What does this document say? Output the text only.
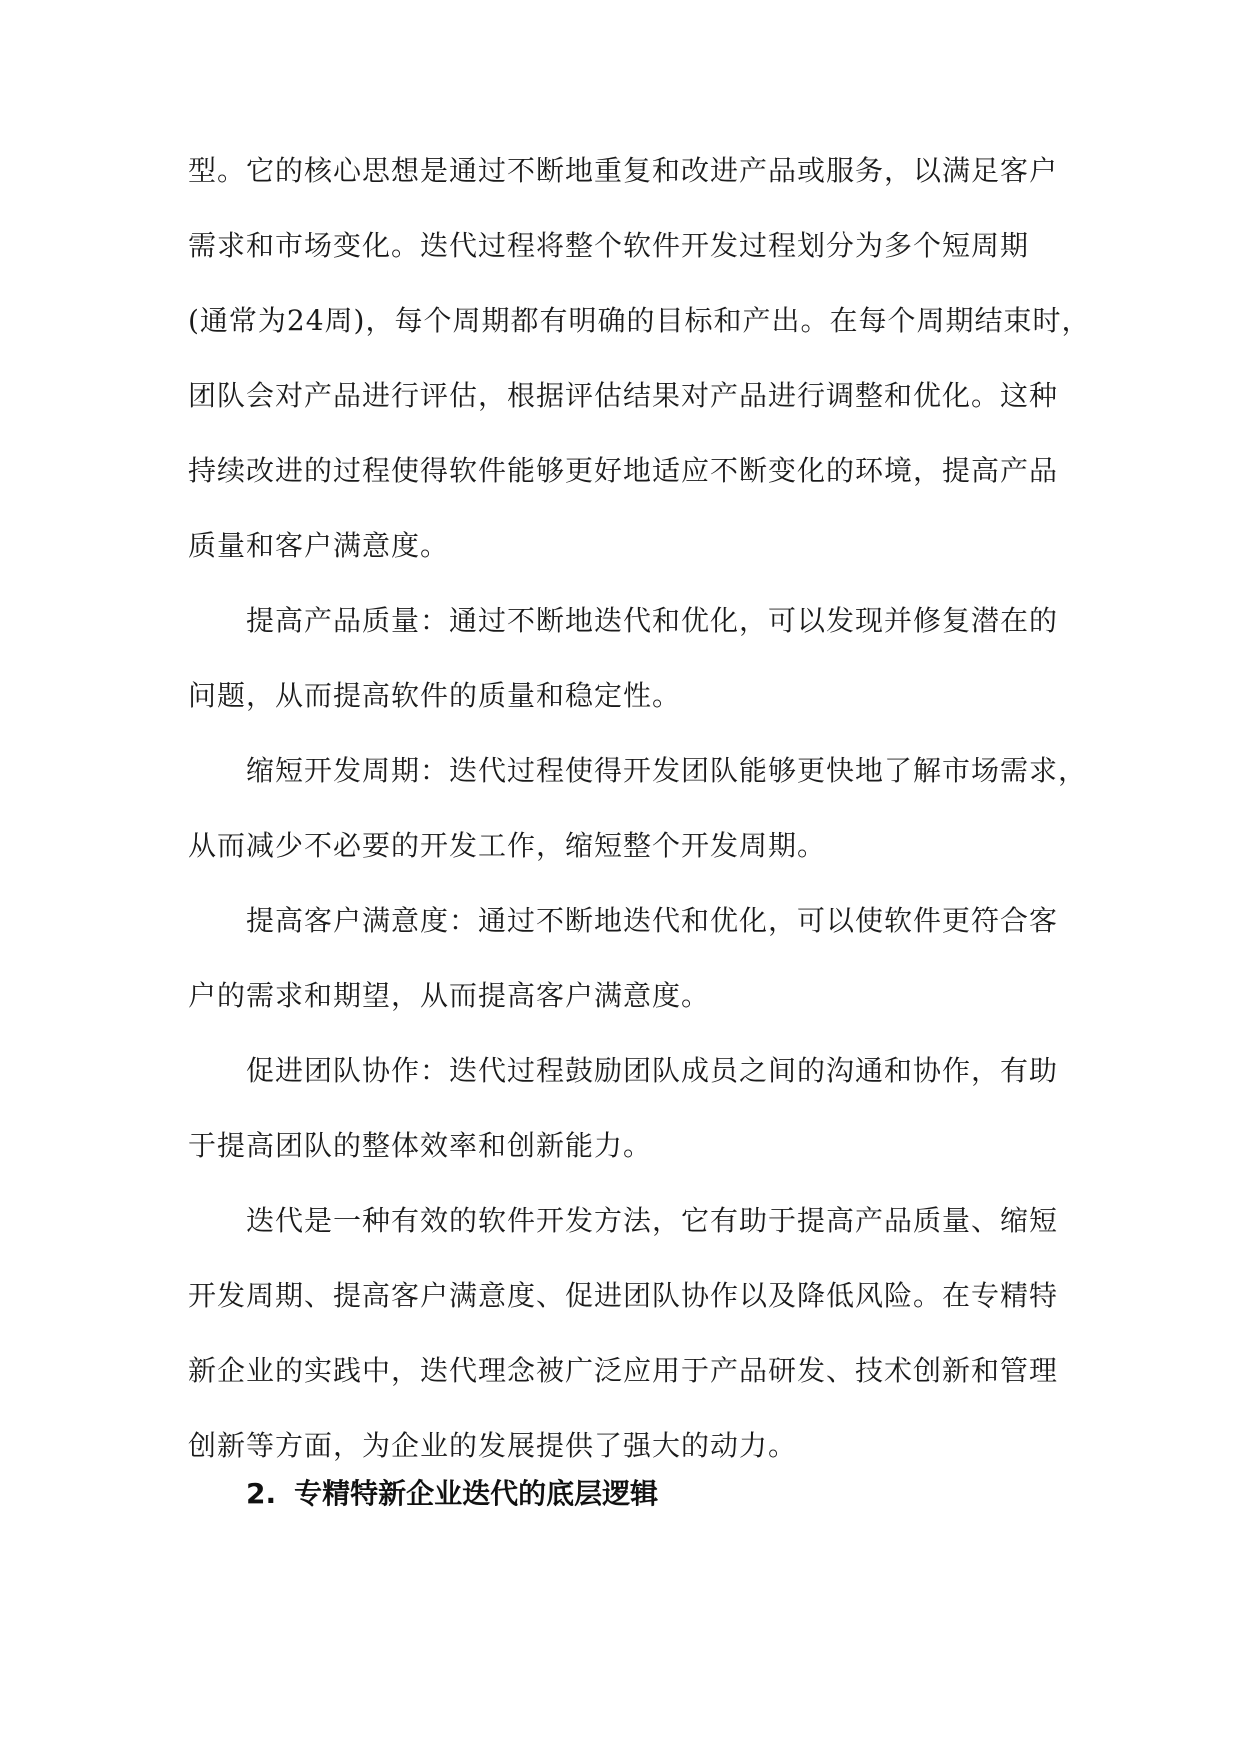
型。它的核心思想是通过不断地重复和改进产品或服务，以满足客户
需求和市场变化。迭代过程将整个软件开发过程划分为多个短周期
(通常为24周)，每个周期都有明确的目标和产出。在每个周期结束时，
团队会对产品进行评估，根据评估结果对产品进行调整和优化。这种
持续改进的过程使得软件能够更好地适应不断变化的环境，提高产品
质量和客户满意度。
提高产品质量：通过不断地迭代和优化，可以发现并修复潜在的
问题，从而提高软件的质量和稳定性。
缩短开发周期：迭代过程使得开发团队能够更快地了解市场需求，
从而减少不必要的开发工作，缩短整个开发周期。
提高客户满意度：通过不断地迭代和优化，可以使软件更符合客
户的需求和期望，从而提高客户满意度。
促进团队协作：迭代过程鼓励团队成员之间的沟通和协作，有助
于提高团队的整体效率和创新能力。
迭代是一种有效的软件开发方法，它有助于提高产品质量、缩短
开发周期、提高客户满意度、促进团队协作以及降低风险。在专精特
新企业的实践中，迭代理念被广泛应用于产品研发、技术创新和管理
创新等方面，为企业的发展提供了强大的动力。
2. 专精特新企业迭代的底层逻辑
